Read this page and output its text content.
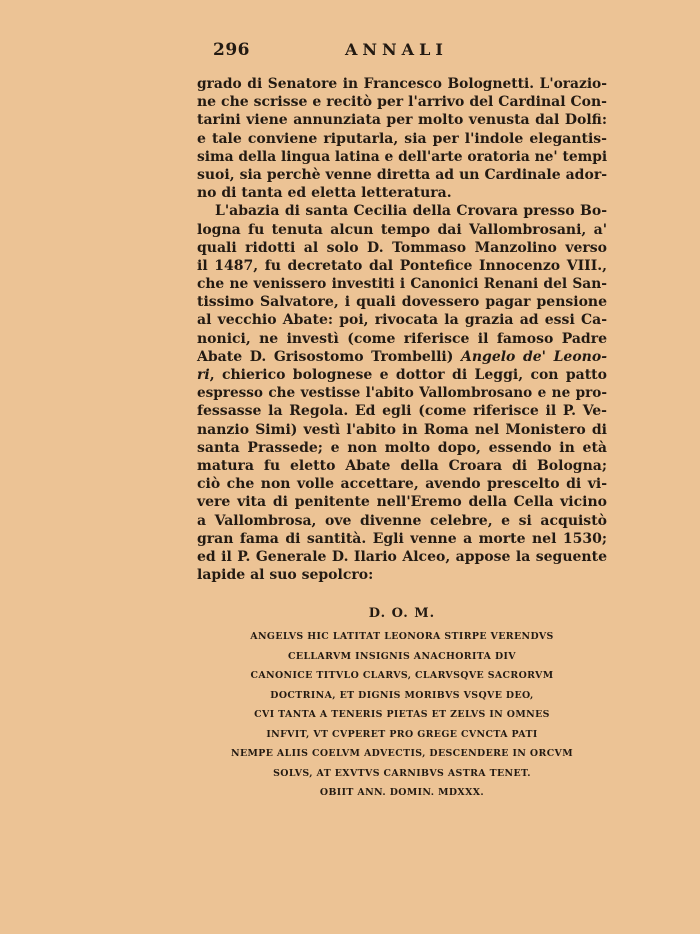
296	ANNALI
grado di Senatore in Francesco Bolognetti. L'orazio-
ne che scrisse e recitò per l'arrivo del Cardinal Con-
tarini viene annunziata per molto venusta dal Dolfi:
e tale conviene riputarla, sia per l'indole elegantis-
sima della lingua latina e dell'arte oratoria ne' tempi
suoi, sia perchè venne diretta ad un Cardinale ador-
no di tanta ed eletta letteratura.
L'abazia di santa Cecilia della Crovara presso Bo-
logna fu tenuta alcun tempo dai Vallombrosani, a'
quali ridotti al solo D. Tommaso Manzolino verso
il 1487, fu decretato dal Pontefice Innocenzo VIII.,
che ne venissero investiti i Canonici Renani del San-
tissimo Salvatore, i quali dovessero pagar pensione
al vecchio Abate: poi, rivocata la grazia ad essi Ca-
nonici, ne investì (come riferisce il famoso Padre
Abate D. Grisostomo Trombelli) Angelo de' Leono-
ri, chierico bolognese e dottor di Leggi, con patto
espresso che vestisse l'abito Vallombrosano e ne pro-
fessasse la Regola. Ed egli (come riferisce il P. Ve-
nanzio Simi) vestì l'abito in Roma nel Monistero di
santa Prassede; e non molto dopo, essendo in età
matura fu eletto Abate della Croara di Bologna;
ciò che non volle accettare, avendo prescelto di vi-
vere vita di penitente nell'Eremo della Cella vicino
a Vallombrosa, ove divenne celebre, e si acquistò
gran fama di santità. Egli venne a morte nel 1530;
ed il P. Generale D. Ilario Alceo, appose la seguente
lapide al suo sepolcro:
D. O. M.
ANGELVS HIC LATITAT LEONORA STIRPE VERENDVS
CELLARVM INSIGNIS ANACHORITA DIV
CANONICE TITVLO CLARVS, CLARVSQVE SACRORVM
DOCTRINA, ET DIGNIS MORIBVS VSQVE DEO,
CVI TANTA A TENERIS PIETAS ET ZELVS IN OMNES
INFVIT, VT CVPERET PRO GREGE CVNCTA PATI
NEMPE ALIIS COELVM ADVECTIS, DESCENDERE IN ORCVM
SOLVS, AT EXVTVS CARNIBVS ASTRA TENET.
OBIIT ANN. DOMIN. MDXXX.
